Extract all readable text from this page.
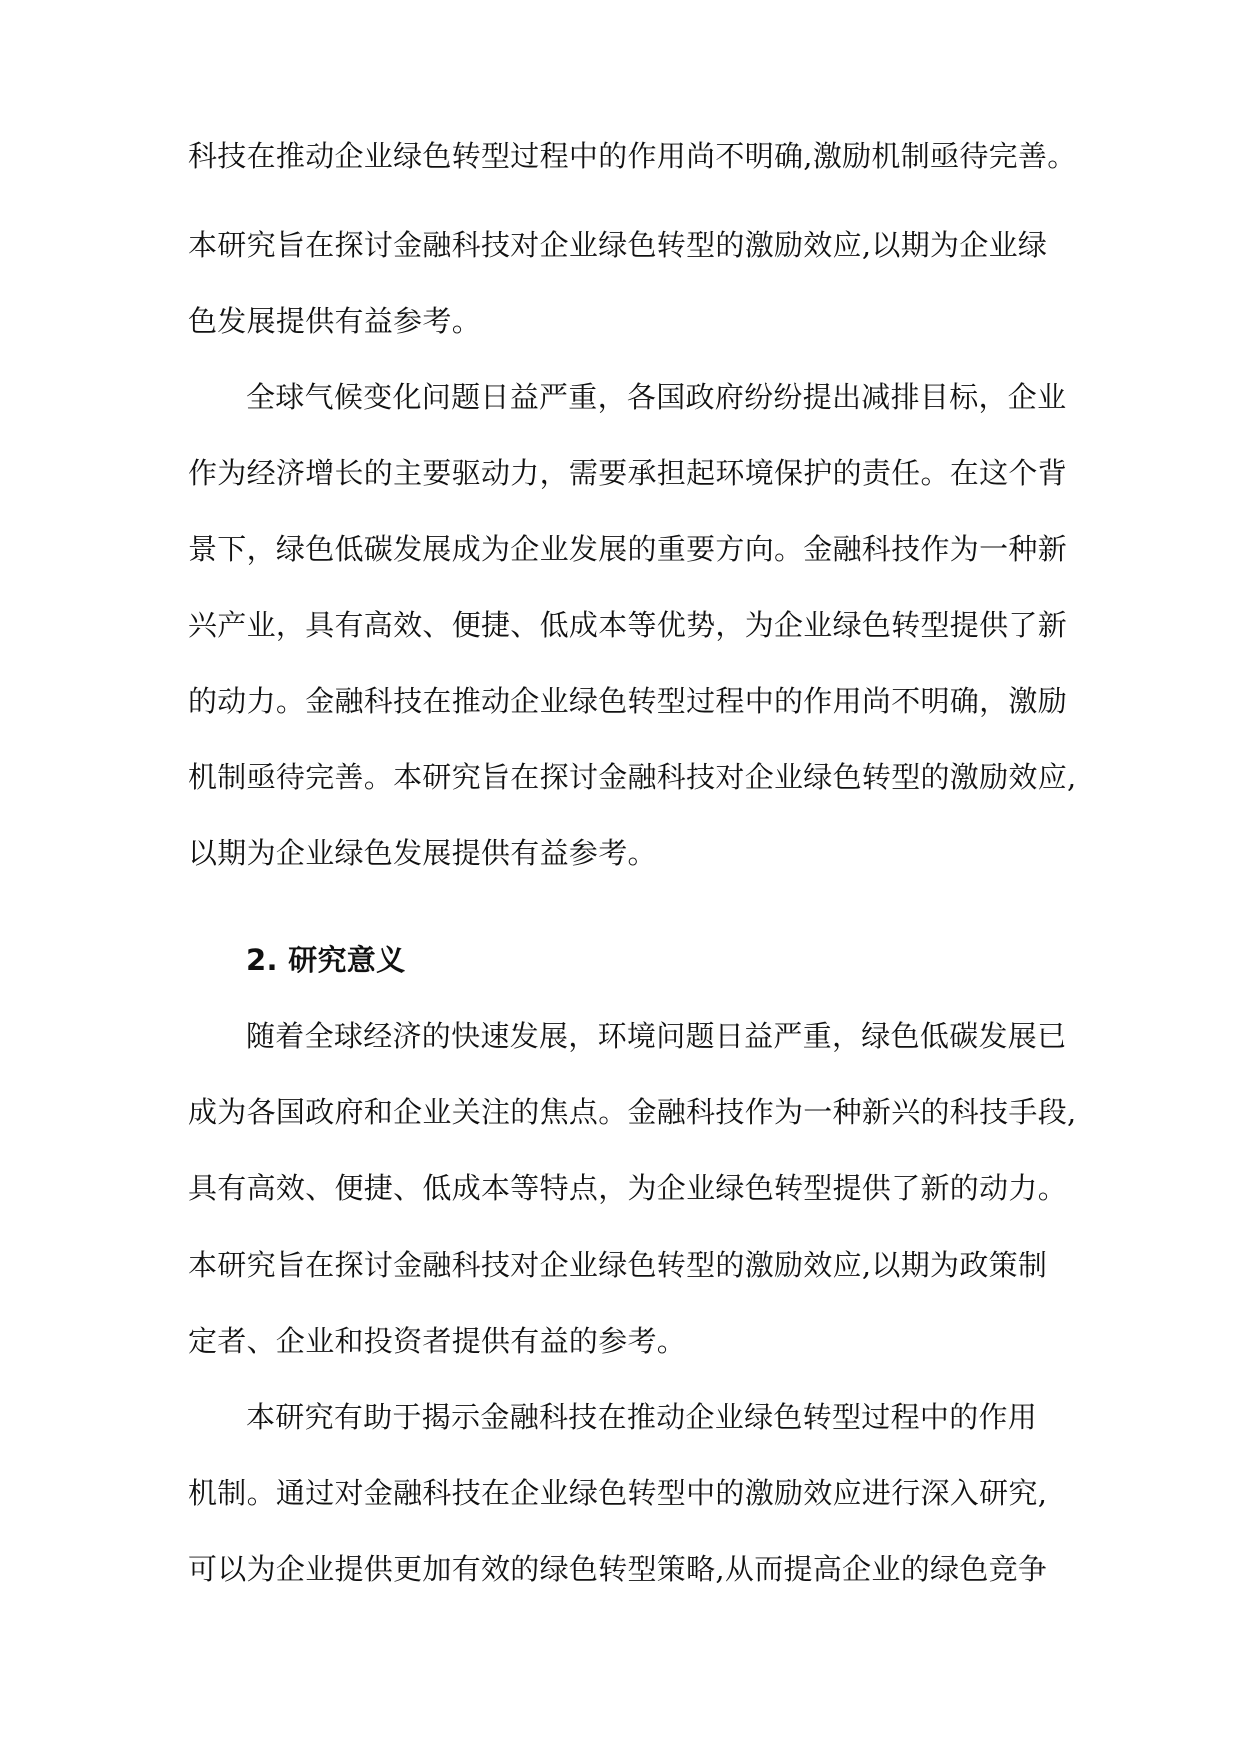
科技在推动企业绿色转型过程中的作用尚不明确,激励机制亟待完善。

本研究旨在探讨金融科技对企业绿色转型的激励效应,以期为企业绿

色发展提供有益参考。

全球气候变化问题日益严重，各国政府纷纷提出减排目标，企业

作为经济增长的主要驱动力，需要承担起环境保护的责任。在这个背

景下，绿色低碳发展成为企业发展的重要方向。金融科技作为一种新

兴产业，具有高效、便捷、低成本等优势，为企业绿色转型提供了新

的动力。金融科技在推动企业绿色转型过程中的作用尚不明确，激励

机制亟待完善。本研究旨在探讨金融科技对企业绿色转型的激励效应,

以期为企业绿色发展提供有益参考。

2. 研究意义

随着全球经济的快速发展，环境问题日益严重，绿色低碳发展已

成为各国政府和企业关注的焦点。金融科技作为一种新兴的科技手段,

具有高效、便捷、低成本等特点，为企业绿色转型提供了新的动力。

本研究旨在探讨金融科技对企业绿色转型的激励效应,以期为政策制

定者、企业和投资者提供有益的参考。

本研究有助于揭示金融科技在推动企业绿色转型过程中的作用

机制。通过对金融科技在企业绿色转型中的激励效应进行深入研究,

可以为企业提供更加有效的绿色转型策略,从而提高企业的绿色竞争
